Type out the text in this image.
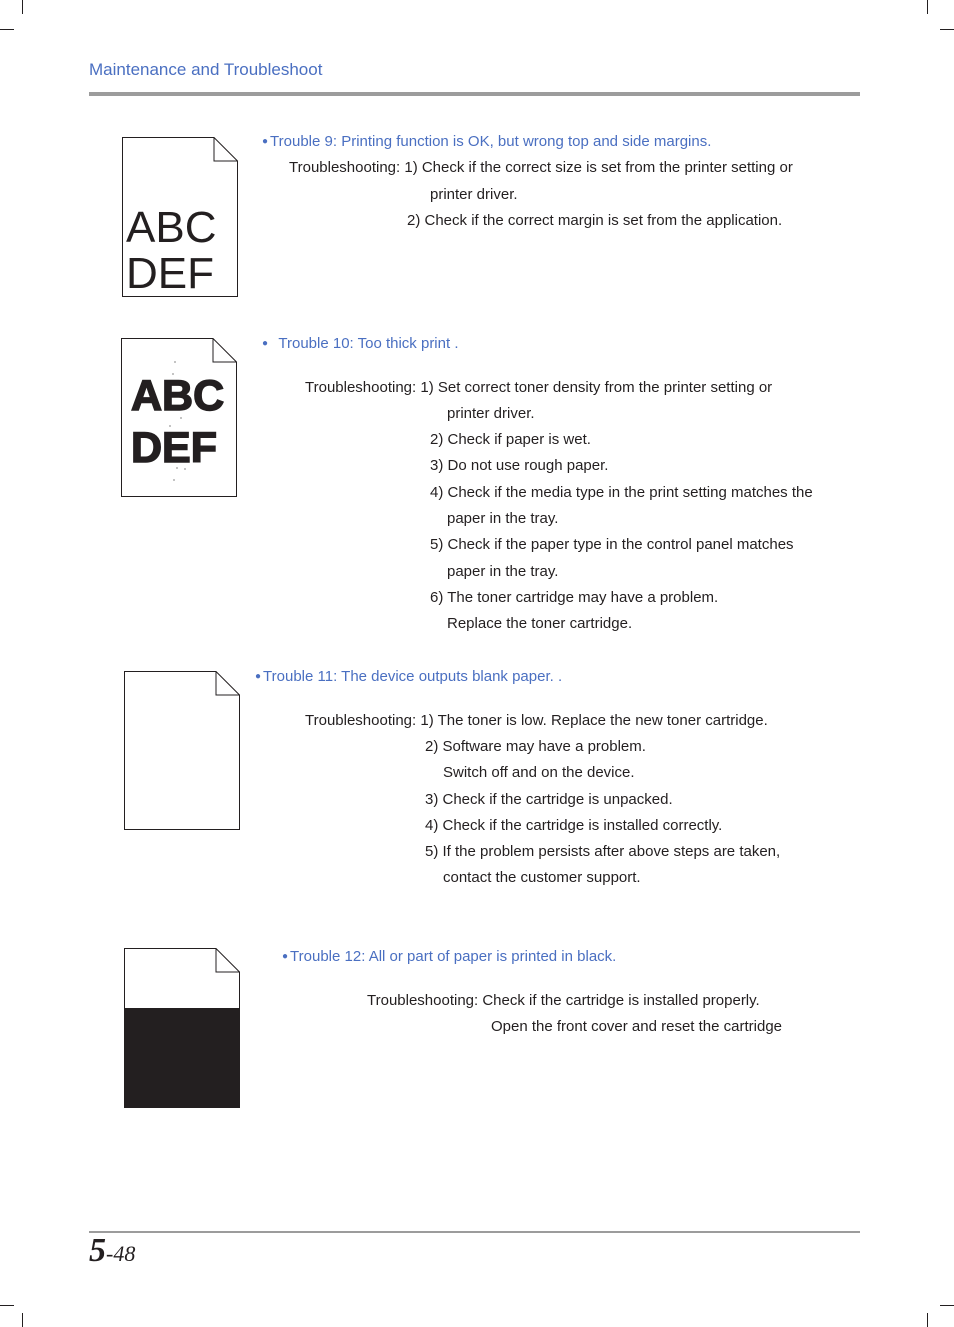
Maintenance and Troubleshoot
ABC
DEF
● Trouble 9: Printing function is OK, but wrong top and side margins.
Troubleshooting: 1) Check if the correct size is set from the printer setting or
printer driver.
2) Check if the correct margin is set from the application.
ABC
DEF
● Trouble 10: Too thick print .
Troubleshooting: 1) Set correct toner density from the printer setting or
printer driver.
2) Check if paper is wet.
3) Do not use rough paper.
4) Check if the media type in the print setting matches the
paper in the tray.
5) Check if the paper type in the control panel matches
paper in the tray.
6) The toner cartridge may have a problem.
Replace the toner cartridge.
● Trouble 11: The device outputs blank paper. .
Troubleshooting: 1) The toner is low. Replace the new toner cartridge.
2) Software may have a problem.
Switch off and on the device.
3) Check if the cartridge is unpacked.
4) Check if the cartridge is installed correctly.
5) If the problem persists after above steps are taken,
contact the customer support.
● Trouble 12: All or part of paper is printed in black.
Troubleshooting: Check if the cartridge is installed properly.
Open the front cover and reset the cartridge
5-48
